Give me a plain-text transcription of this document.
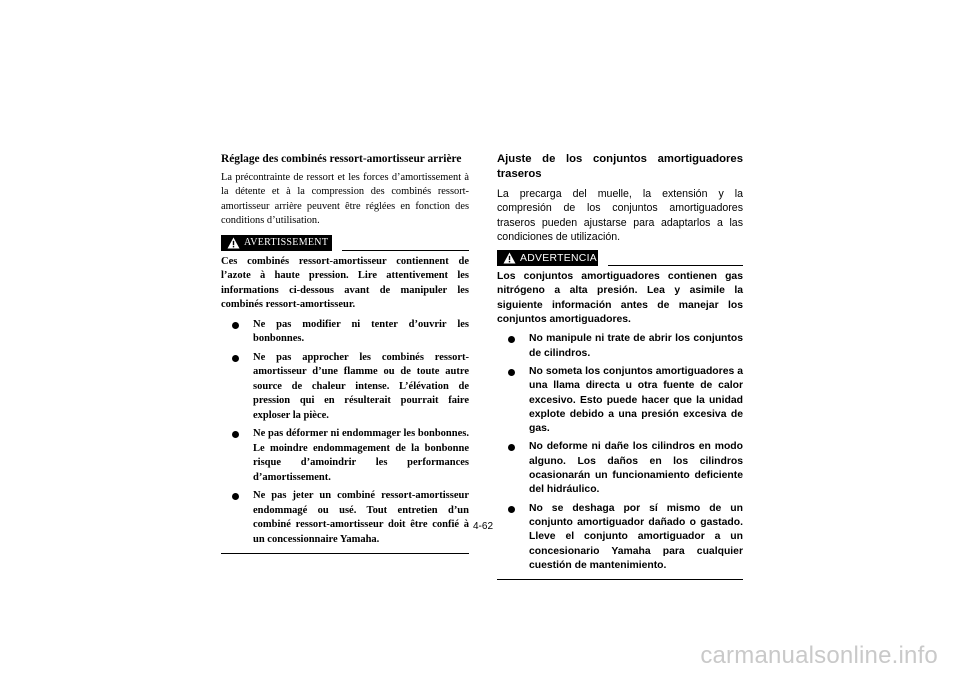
Réglage des combinés ressort-amortisseur arrière
La précontrainte de ressort et les forces d’amortissement à la détente et à la compression des combinés ressort-amortisseur arrière peuvent être réglées en fonction des conditions d’utilisation.
AVERTISSEMENT
Ces combinés ressort-amortisseur contiennent de l’azote à haute pression. Lire attentivement les informations ci-dessous avant de manipuler les combinés ressort-amortisseur.
Ne pas modifier ni tenter d’ouvrir les bonbonnes.
Ne pas approcher les combinés ressort-amortisseur d’une flamme ou de toute autre source de chaleur intense. L’élévation de pression qui en résulterait pourrait faire exploser la pièce.
Ne pas déformer ni endommager les bonbonnes. Le moindre endommagement de la bonbonne risque d’amoindrir les performances d’amortissement.
Ne pas jeter un combiné ressort-amortisseur endommagé ou usé. Tout entretien d’un combiné ressort-amortisseur doit être confié à un concessionnaire Yamaha.
Ajuste de los conjuntos amortiguadores traseros
La precarga del muelle, la extensión y la compresión de los conjuntos amortiguadores traseros pueden ajustarse para adaptarlos a las condiciones de utilización.
ADVERTENCIA
Los conjuntos amortiguadores contienen gas nitrógeno a alta presión. Lea y asimile la siguiente información antes de manejar los conjuntos amortiguadores.
No manipule ni trate de abrir los conjuntos de cilindros.
No someta los conjuntos amortiguadores a una llama directa u otra fuente de calor excesivo. Esto puede hacer que la unidad explote debido a una presión excesiva de gas.
No deforme ni dañe los cilindros en modo alguno. Los daños en los cilindros ocasionarán un funcionamiento deficiente del hidráulico.
No se deshaga por sí mismo de un conjunto amortiguador dañado o gastado. Lleve el conjunto amortiguador a un concesionario Yamaha para cualquier cuestión de mantenimiento.
4-62
carmanualsonline.info
